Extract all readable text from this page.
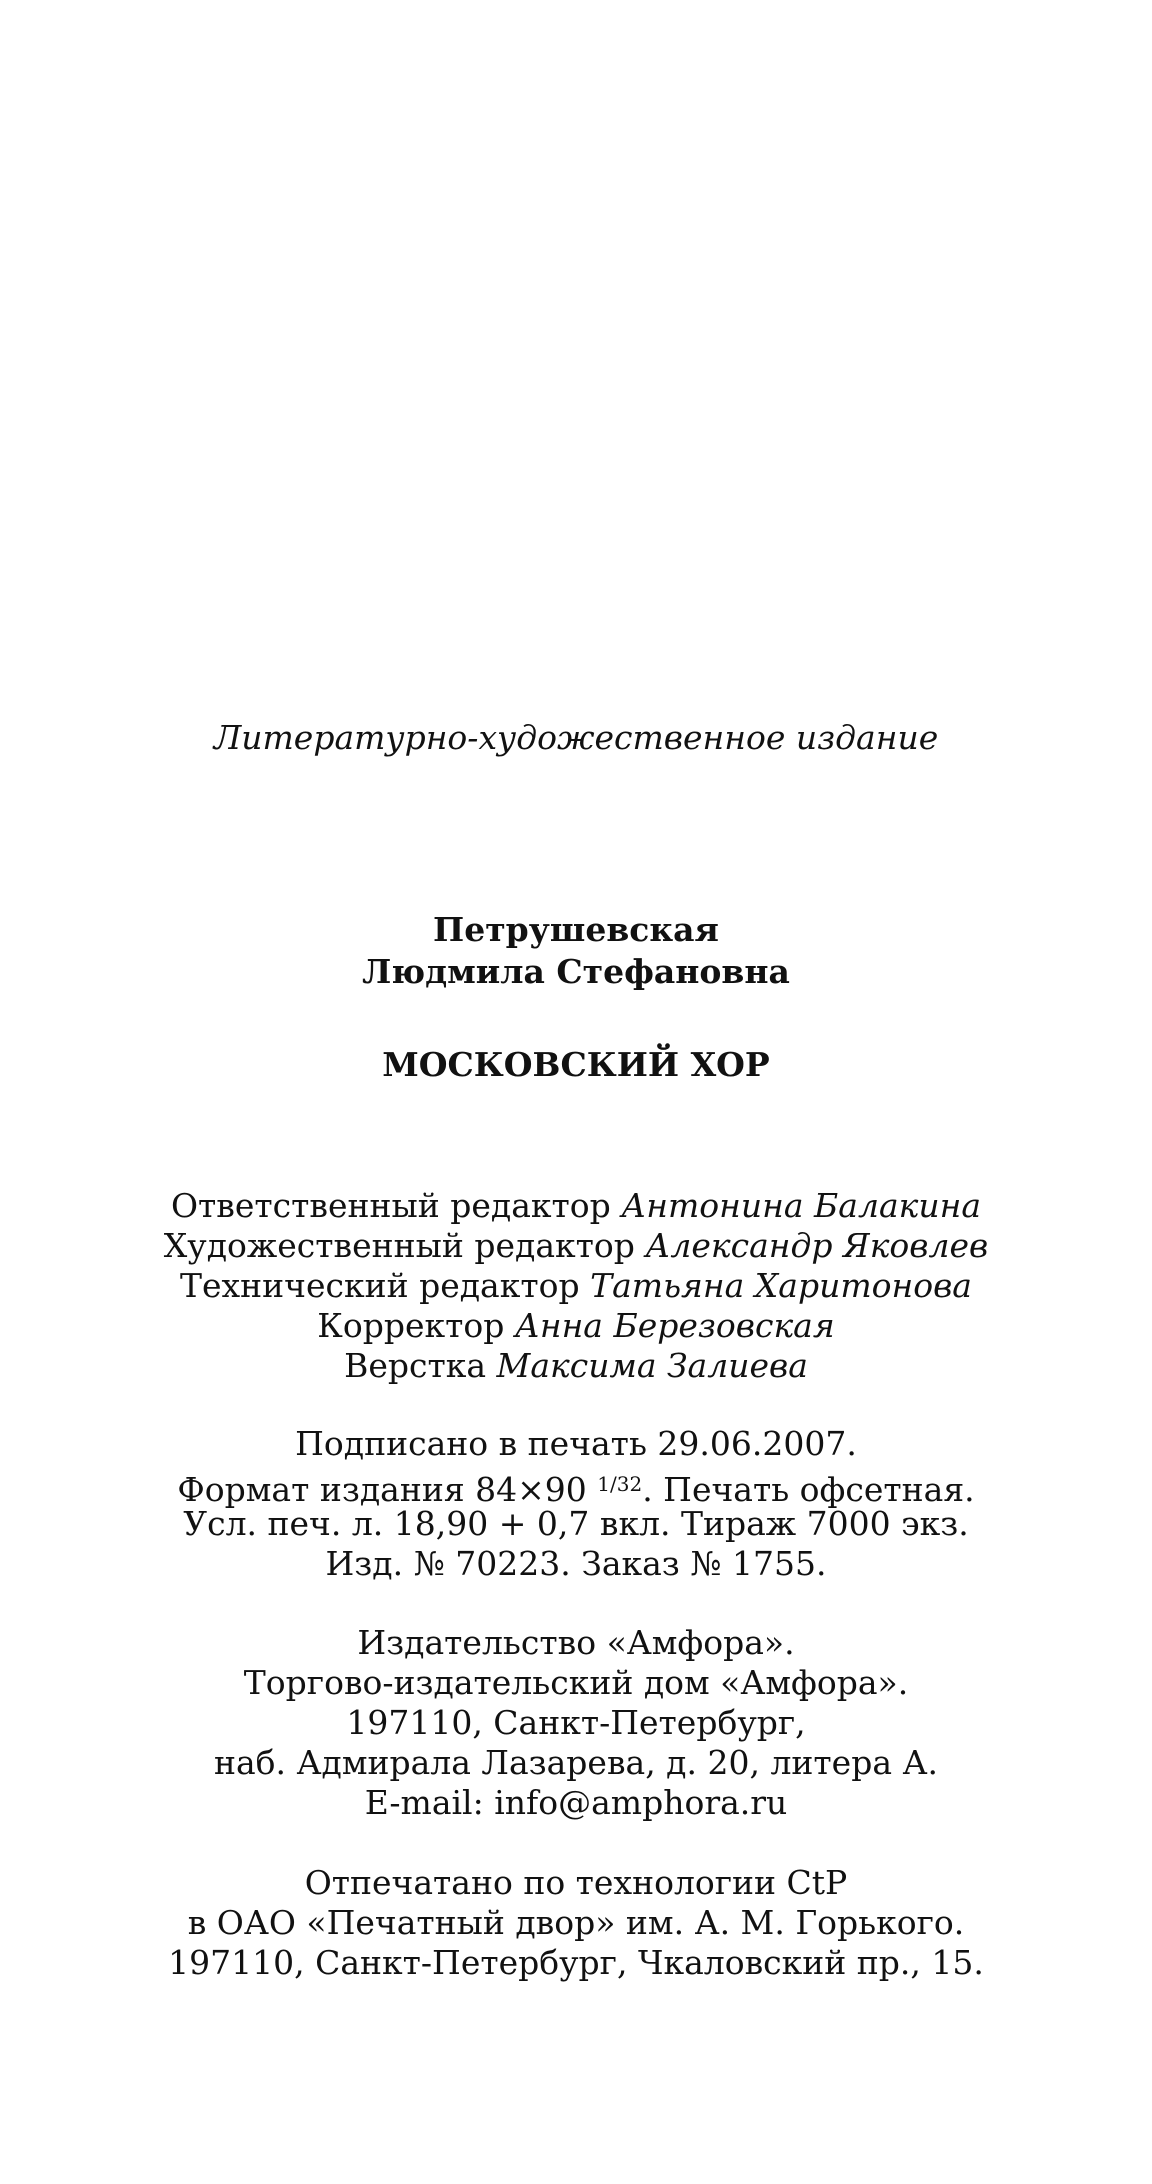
Литературно-художественное издание
Петрушевская
Людмила Стефановна
МОСКОВСКИЙ ХОР
Ответственный редактор Антонина Балакина
Художественный редактор Александр Яковлев
Технический редактор Татьяна Харитонова
Корректор Анна Березовская
Верстка Максима Залиева
Подписано в печать 29.06.2007.
Формат издания 84×90 $^{1/32}$. Печать офсетная.
Усл. печ. л. 18,90 + 0,7 вкл. Тираж 7000 экз.
Изд. № 70223. Заказ № 1755.
Издательство «Амфора».
Торгово-издательский дом «Амфора».
197110, Санкт-Петербург,
наб. Адмирала Лазарева, д. 20, литера А.
E-mail: info@amphora.ru
Отпечатано по технологии CtP
в ОАО «Печатный двор» им. А. М. Горького.
197110, Санкт-Петербург, Чкаловский пр., 15.
